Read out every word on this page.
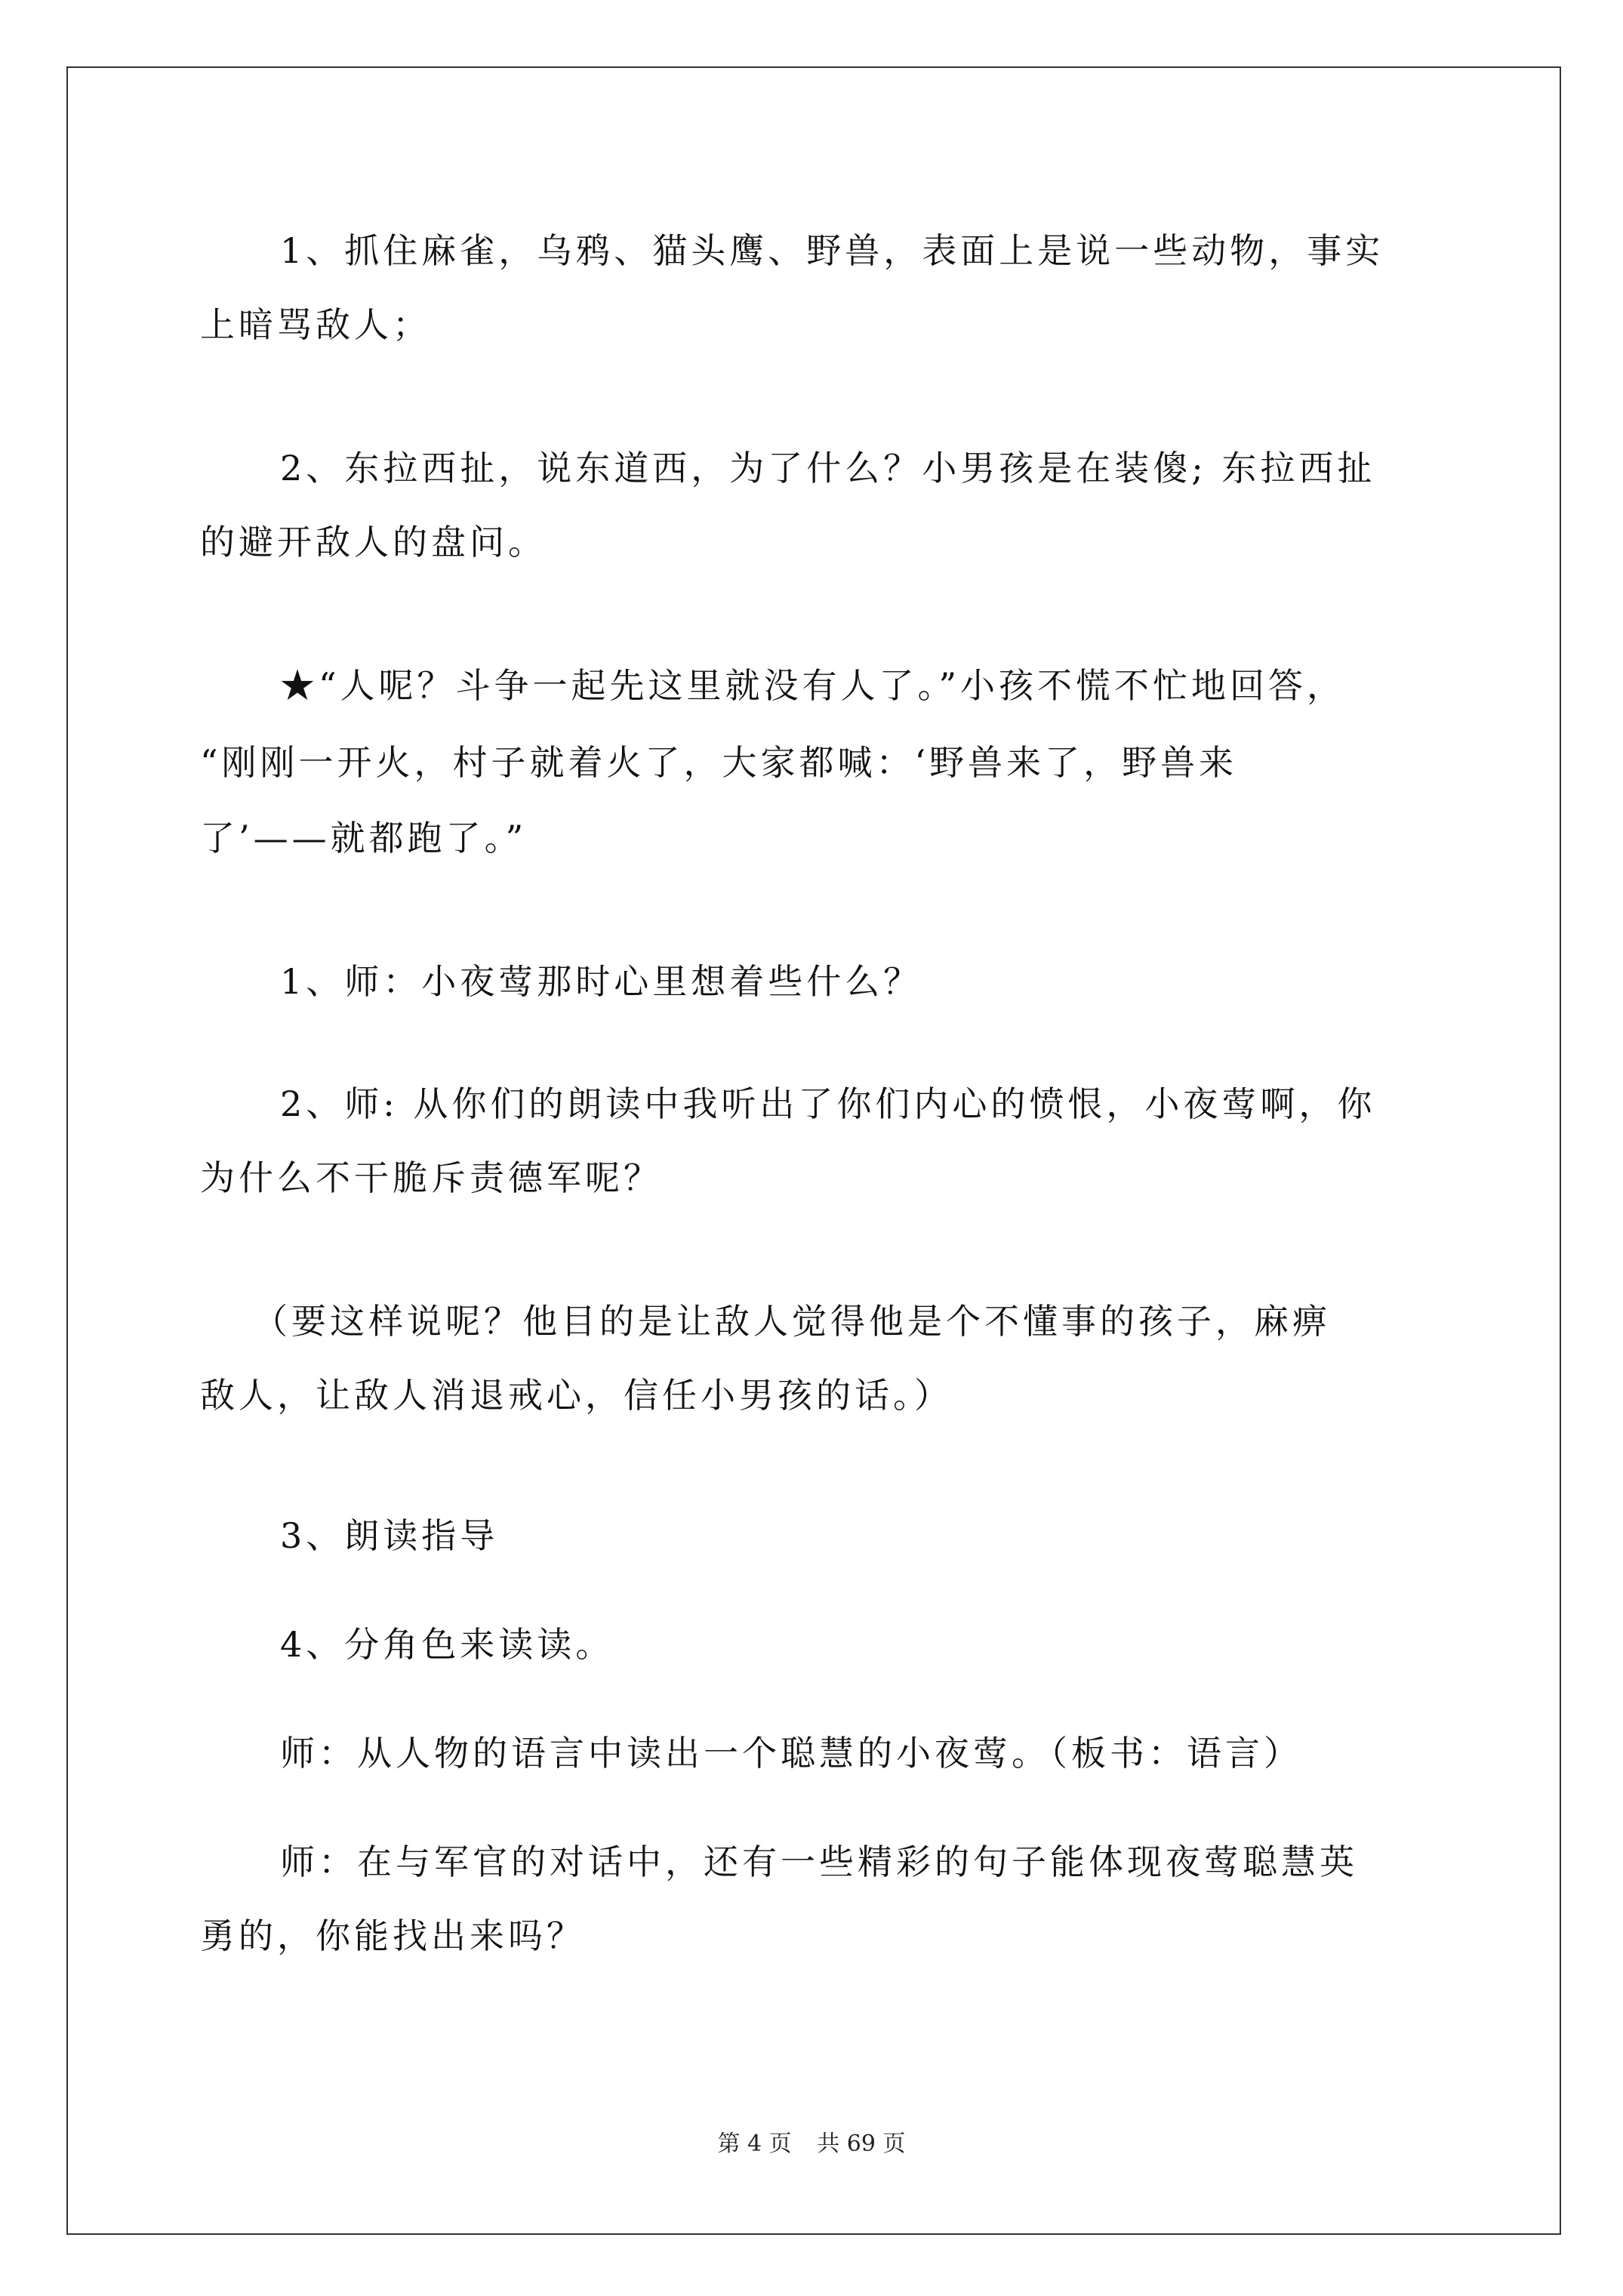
1、抓住麻雀，乌鸦、猫头鹰、野兽，表面上是说一些动物，事实
上暗骂敌人；
2、东拉西扯，说东道西，为了什么？小男孩是在装傻; 东拉西扯
的避开敌人的盘问。
★“人呢？斗争一起先这里就没有人了。”小孩不慌不忙地回答，
“刚刚一开火，村子就着火了，大家都喊：‘野兽来了，野兽来
了’——就都跑了。”
1、师：小夜莺那时心里想着些什么？
2、师: 从你们的朗读中我听出了你们内心的愤恨，小夜莺啊，你
为什么不干脆斥责德军呢？
（要这样说呢？他目的是让敌人觉得他是个不懂事的孩子，麻痹
敌人，让敌人消退戒心，信任小男孩的话。）
3、朗读指导
4、分角色来读读。
师：从人物的语言中读出一个聪慧的小夜莺。（板书：语言）
师：在与军官的对话中，还有一些精彩的句子能体现夜莺聪慧英
勇的，你能找出来吗？
第 4 页 共 69 页
